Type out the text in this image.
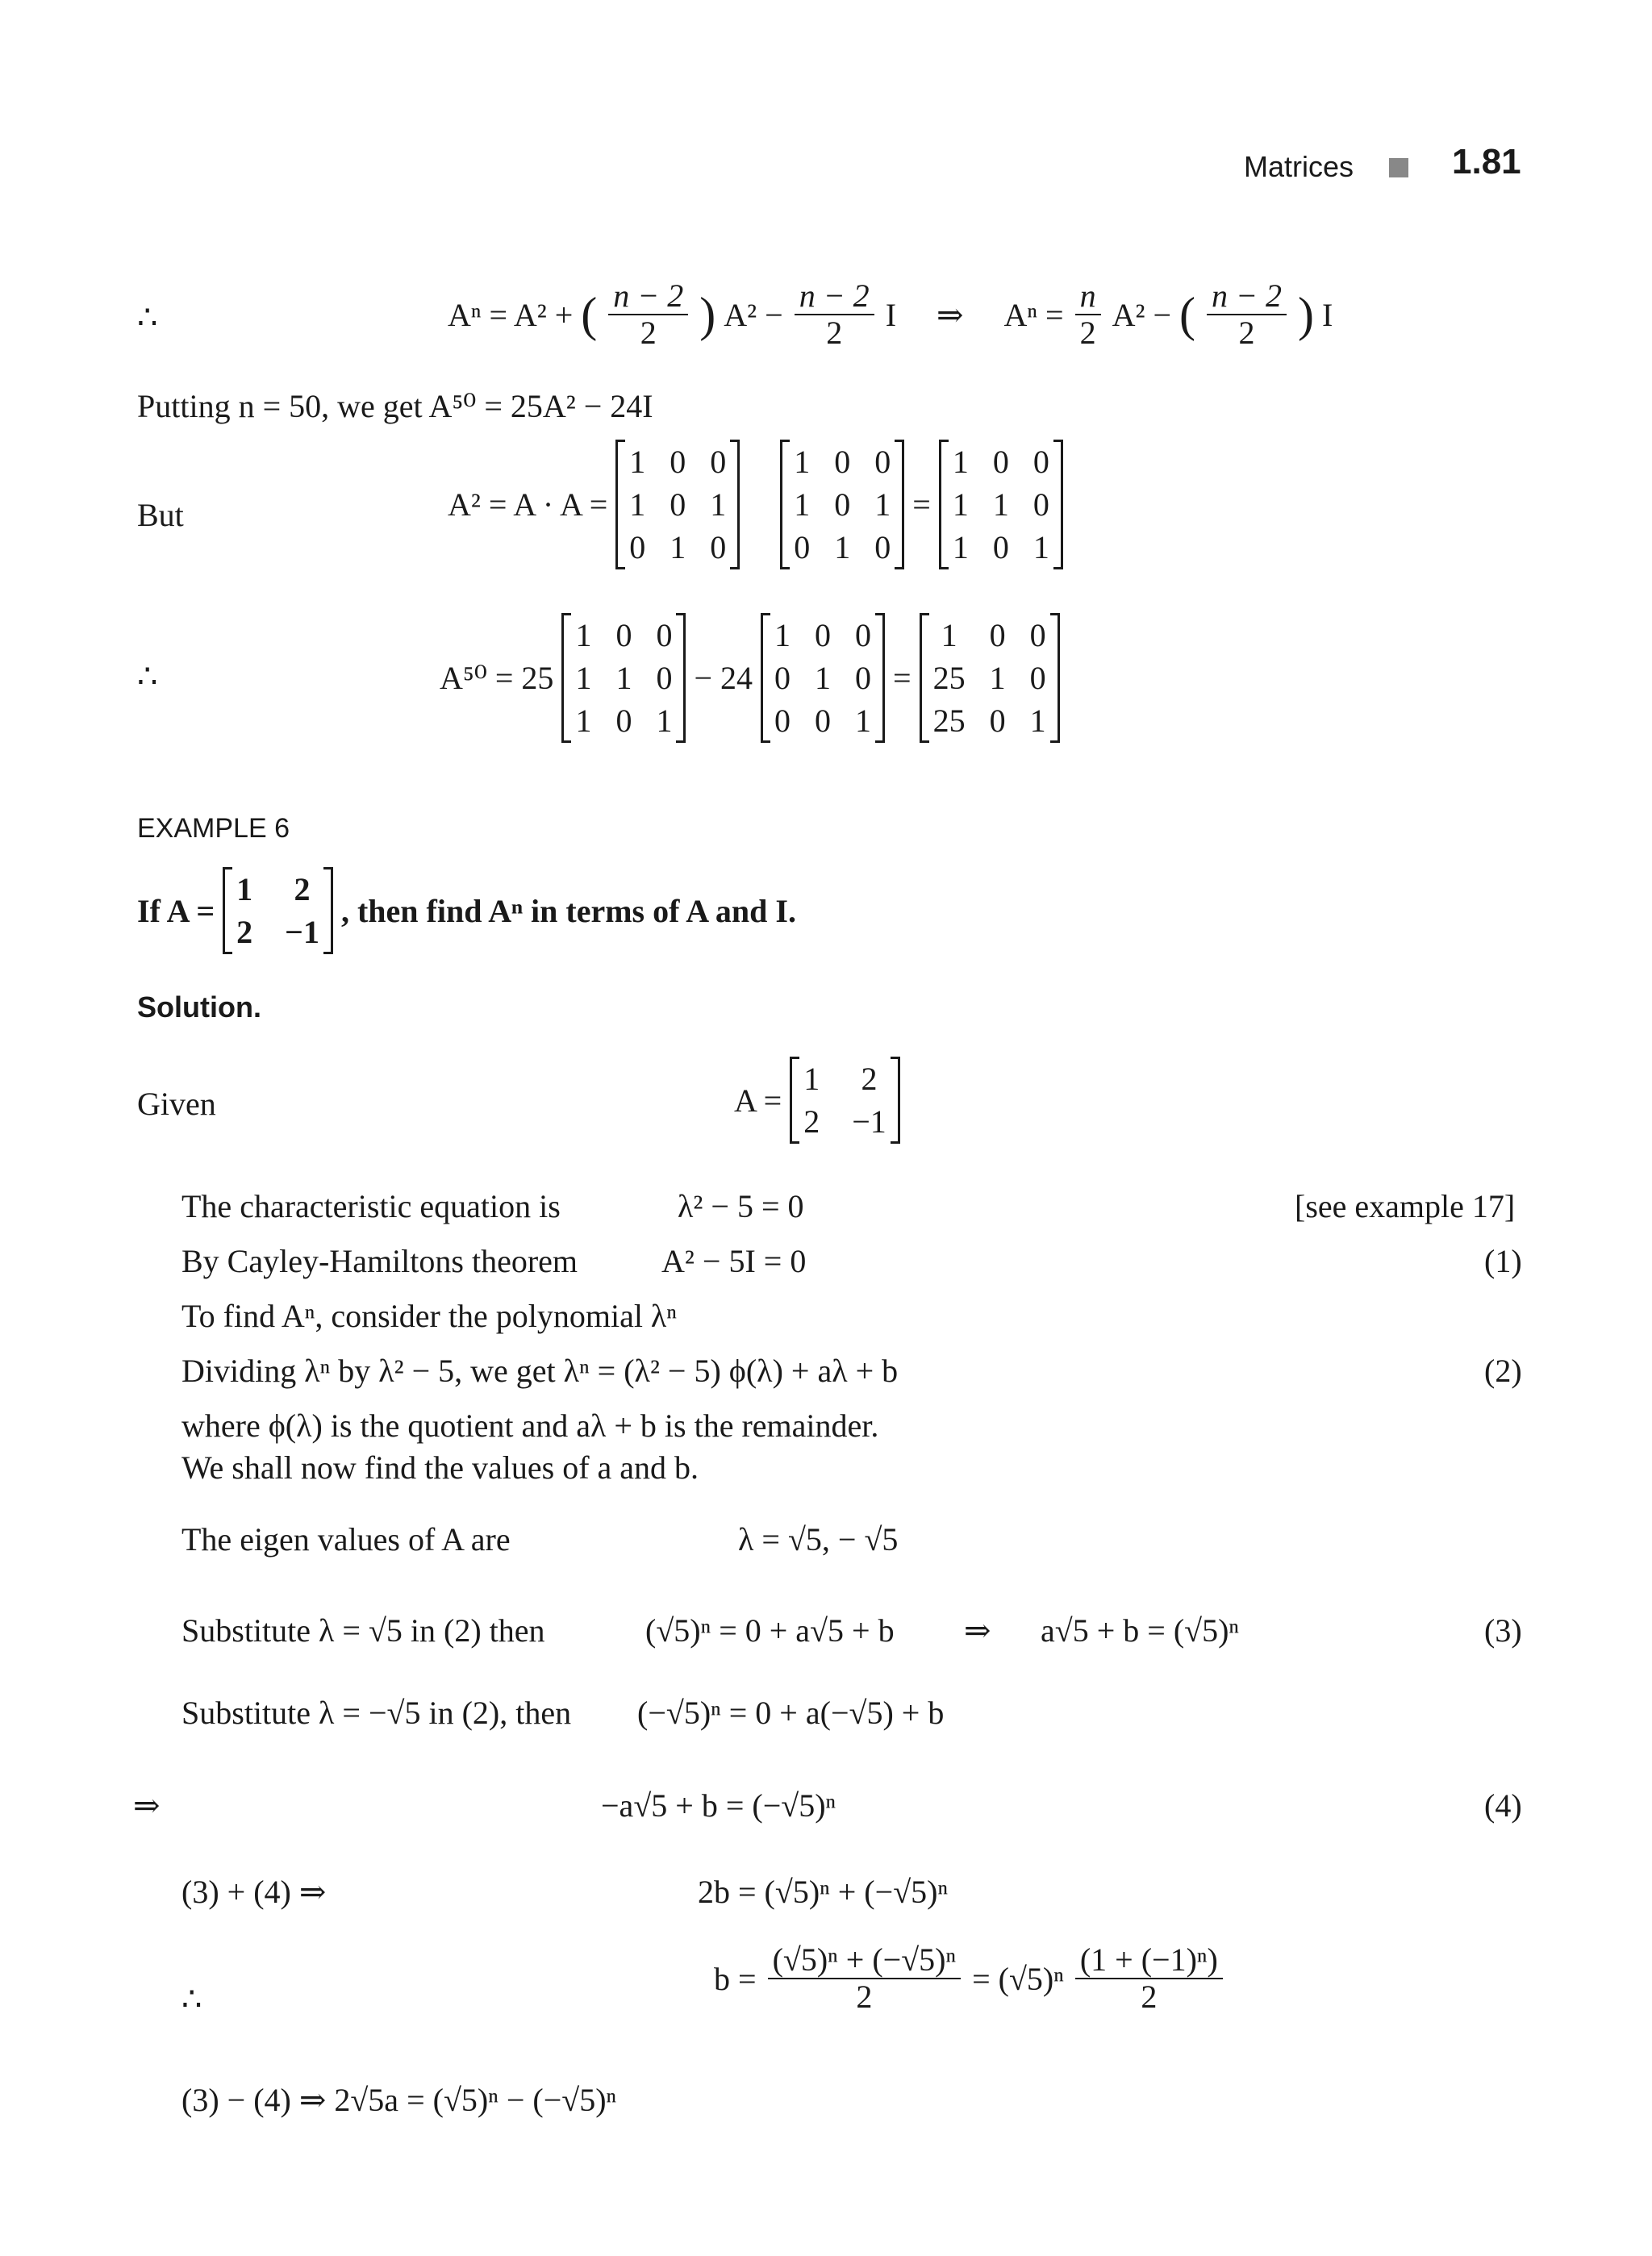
Matrices	1.81
∴	Aⁿ = A² + ( $\frac{n - 2}{2}$ ) $A^2 - \frac{n - 2}{2}$ I ⇒ $A^n = \frac{n}{2} A^2$ − ( $\frac{n - 2}{2}$ ) I
Putting n = 50, we get A⁵⁰ = 25A² − 24I
But	A² = A · A =
1 0 0
1 0 1
0 1 0
1 0 0
1 0 1
0 1 0
=
1 0 0
1 1 0
1 0 1
∴	A⁵⁰ = 25
1 0 0
1 1 0
1 0 1
− 24
1 0 0
0 1 0
0 0 1
=
1 0 0
25 1 0
25 0 1
EXAMPLE 6
If A =
1 2
2 −1
, then find Aⁿ in terms of A and I.
Solution.
Given	A =
1 2
2 −1
The characteristic equation is	λ² − 5 = 0	[see example 17]
By Cayley-Hamiltons theorem	A² − 5I = 0	(1)
To find Aⁿ, consider the polynomial λⁿ
Dividing λⁿ by λ² − 5, we get λⁿ = (λ² − 5) ϕ(λ) + aλ + b	(2)
where ϕ(λ) is the quotient and aλ + b is the remainder.
We shall now find the values of a and b.
The eigen values of A are	λ = √5, − √5
Substitute λ = √5 in (2) then	(√5)ⁿ = 0 + a√5 + b ⇒ a√5 + b = (√5)ⁿ	(3)
Substitute λ = −√5 in (2), then (−√5)ⁿ = 0 + a(−√5) + b
⇒	−a√5 + b = (−√5)ⁿ	(4)
(3) + (4) ⇒	2b = (√5)ⁿ + (−√5)ⁿ
∴
$b = \frac{\text{(√5)ⁿ + (−√5)ⁿ}}{2} = (√5)^n \frac{\text{(1 + (−1)ⁿ)}}{2}$
(3) − (4) ⇒ 2√5a = (√5)ⁿ − (−√5)ⁿ
